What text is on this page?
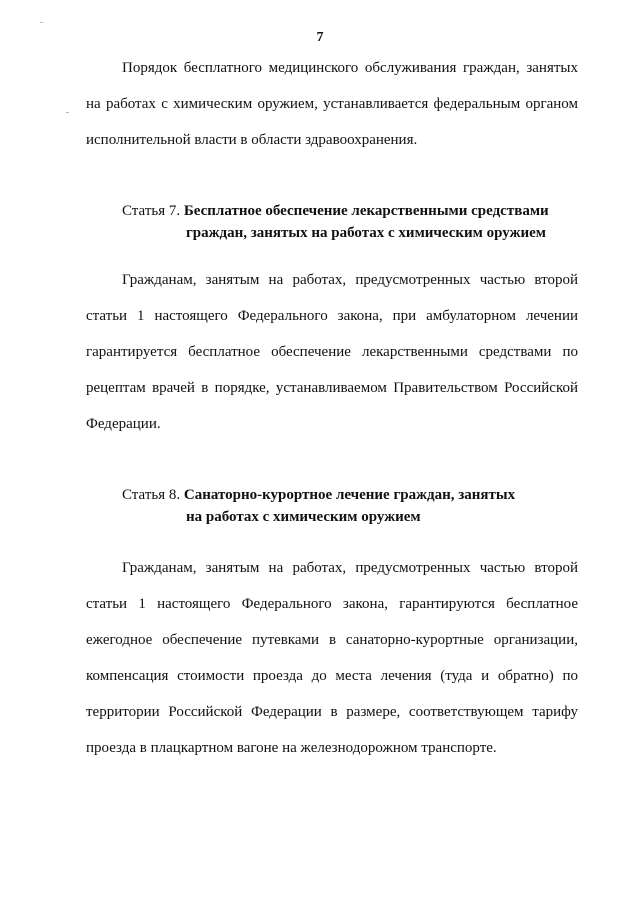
7

Порядок бесплатного медицинского обслуживания граждан, занятых на работах с химическим оружием, устанавливается федеральным органом исполнительной власти в области здравоохранения.

Статья 7. Бесплатное обеспечение лекарственными средствами
граждан, занятых на работах с химическим оружием

Гражданам, занятым на работах, предусмотренных частью второй статьи 1 настоящего Федерального закона, при амбулаторном лечении гарантируется бесплатное обеспечение лекарственными средствами по рецептам врачей в порядке, устанавливаемом Правительством Российской Федерации.

Статья 8. Санаторно-курортное лечение граждан, занятых
на работах с химическим оружием

Гражданам, занятым на работах, предусмотренных частью второй статьи 1 настоящего Федерального закона, гарантируются бесплатное ежегодное обеспечение путевками в санаторно-курортные организации, компенсация стоимости проезда до места лечения (туда и обратно) по территории Российской Федерации в размере, соответствующем тарифу проезда в плацкартном вагоне на железнодорожном транспорте.
